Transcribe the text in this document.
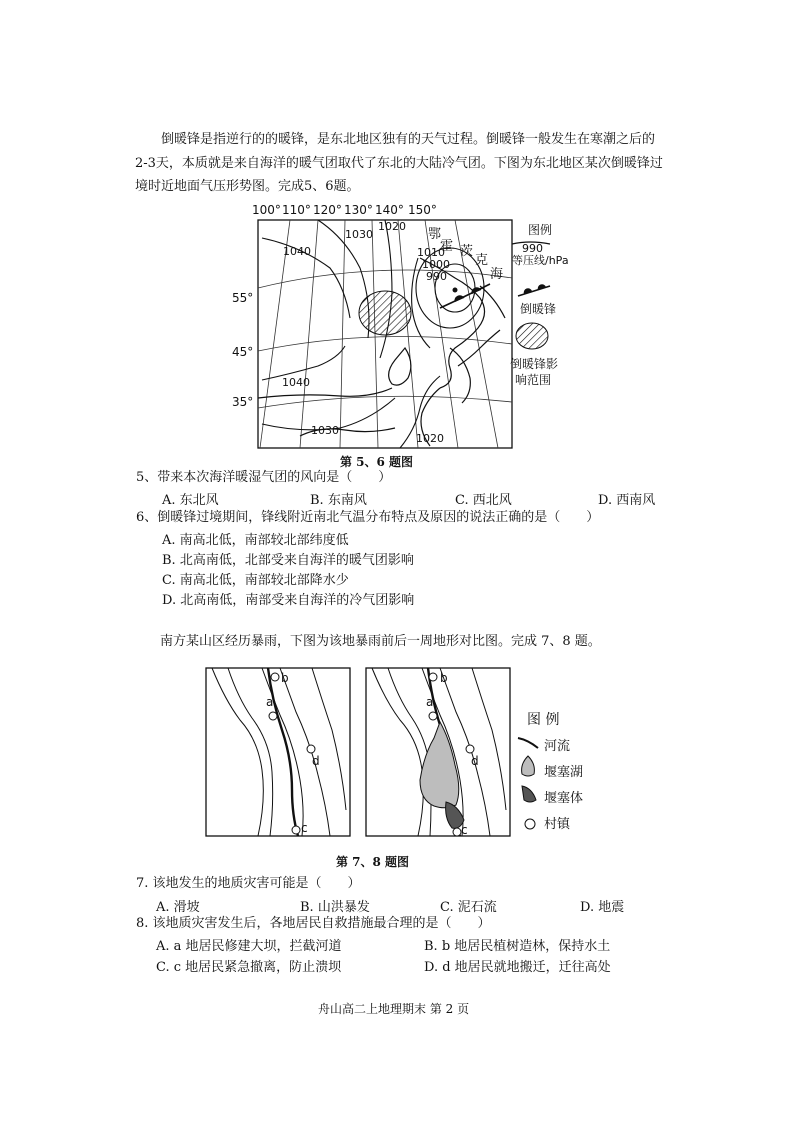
倒暖锋是指逆行的的暖锋，是东北地区独有的天气过程。倒暖锋一般发生在寒潮之后的2-3天，本质就是来自海洋的暖气团取代了东北的大陆冷气团。下图为东北地区某次倒暖锋过境时近地面气压形势图。完成5、6题。
100° 110° 120° 130° 140° 150°
55°
45°
35°
1040
1030
1020
1010
1000
990
1040
1030
1020
鄂
霍 茨
克
海
图例
990
等压线/hPa
倒暖锋
倒暖锋影
响范围
第 5、6 题图
5、带来本次海洋暖湿气团的风向是（　　）
A. 东北风	B. 东南风	C. 西北风	D. 西南风
6、倒暖锋过境期间，锋线附近南北气温分布特点及原因的说法正确的是（　　）
A. 南高北低，南部较北部纬度低
B. 北高南低，北部受来自海洋的暖气团影响
C. 南高北低，南部较北部降水少
D. 北高南低，南部受来自海洋的冷气团影响
南方某山区经历暴雨，下图为该地暴雨前后一周地形对比图。完成 7、8 题。
b
a
d
c
b
a
d
c
图 例
河流
堰塞湖
堰塞体
村镇
第 7、8 题图
7. 该地发生的地质灾害可能是（　　）
A. 滑坡	B. 山洪暴发	C. 泥石流	D. 地震
8. 该地质灾害发生后，各地居民自救措施最合理的是（　　）
A. a 地居民修建大坝，拦截河道	B. b 地居民植树造林，保持水土
C. c 地居民紧急撤离，防止溃坝	D. d 地居民就地搬迁，迁往高处
舟山高二上地理期末 第 2 页
